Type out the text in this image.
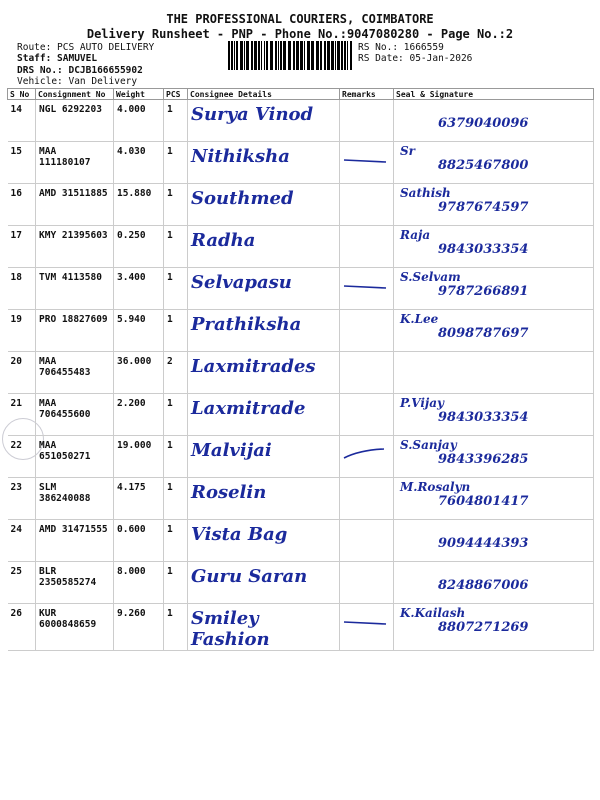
THE PROFESSIONAL COURIERS, COIMBATORE
Delivery Runsheet - PNP - Phone No.:9047080280 - Page No.:2
Route: PCS AUTO DELIVERY
Staff: SAMUVEL
DRS No.: DCJB166655902
Vehicle: Van Delivery
RS No.: 1666559
RS Date: 05-Jan-2026
S No	Consignment No	Weight	PCS	Consignee Details	Remarks	Seal & Signature
14	NGL 6292203	4.000	1	Surya Vinod		6379040096

15	MAA 111180107	4.030	1	Nithiksha		Sr
8825467800

16	AMD 31511885	15.880	1	Southmed		Sathish
9787674597

17	KMY 21395603	0.250	1	Radha		Raja
9843033354

18	TVM 4113580	3.400	1	Selvapasu		S.Selvam
9787266891

19	PRO 18827609	5.940	1	Prathiksha		K.Lee
8098787697

20	MAA 706455483	36.000	2	Laxmitrades		

21	MAA 706455600	2.200	1	Laxmitrade		P.Vijay
9843033354

22	MAA 651050271	19.000	1	Malvijai		S.Sanjay
9843396285

23	SLM 386240088	4.175	1	Roselin		M.Rosalyn
7604801417

24	AMD 31471555	0.600	1	Vista Bag		9094444393

25	BLR 2350585274	8.000	1	Guru Saran		8248867006

26	KUR 6000848659	9.260	1	Smiley Fashion		K.Kailash
8807271269
